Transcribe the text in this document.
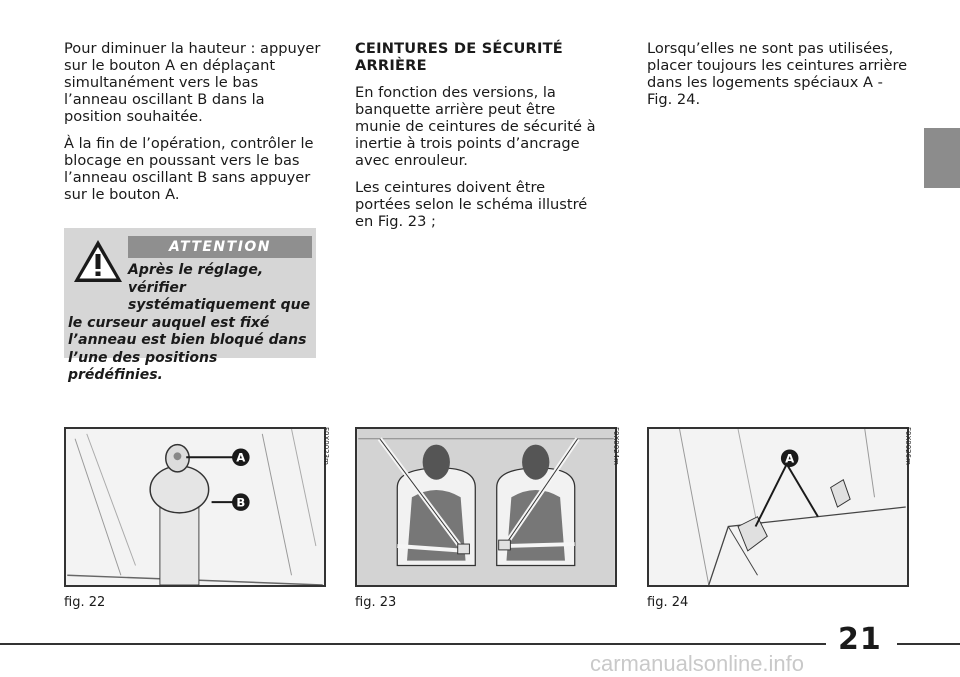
Pour diminuer la hauteur : appuyer sur le bouton A en déplaçant simultanément vers le bas l’anneau oscillant B dans la position souhaitée.

À la fin de l’opération, contrôler le blocage en poussant vers le bas l’anneau oscillant B sans appuyer sur le bouton A.

ATTENTION
Après le réglage, vérifier
systématiquement que
le curseur auquel est fixé l’anneau est bien bloqué dans l’une des positions prédéfinies.
CEINTURES DE SÉCURITÉ ARRIÈRE

En fonction des versions, la banquette arrière peut être munie de ceintures de sécurité à inertie à trois points d’ancrage avec enrouleur.

Les ceintures doivent être portées selon le schéma illustré en Fig. 23 ;

Lorsqu’elles ne sont pas utilisées, placer toujours les ceintures arrière dans les logements spéciaux A - Fig. 24.

A
B
F0X0023m	F0X0024m	A	F0X0026m
fig. 22	fig. 23	fig. 24
21
carmanualsonline.info
